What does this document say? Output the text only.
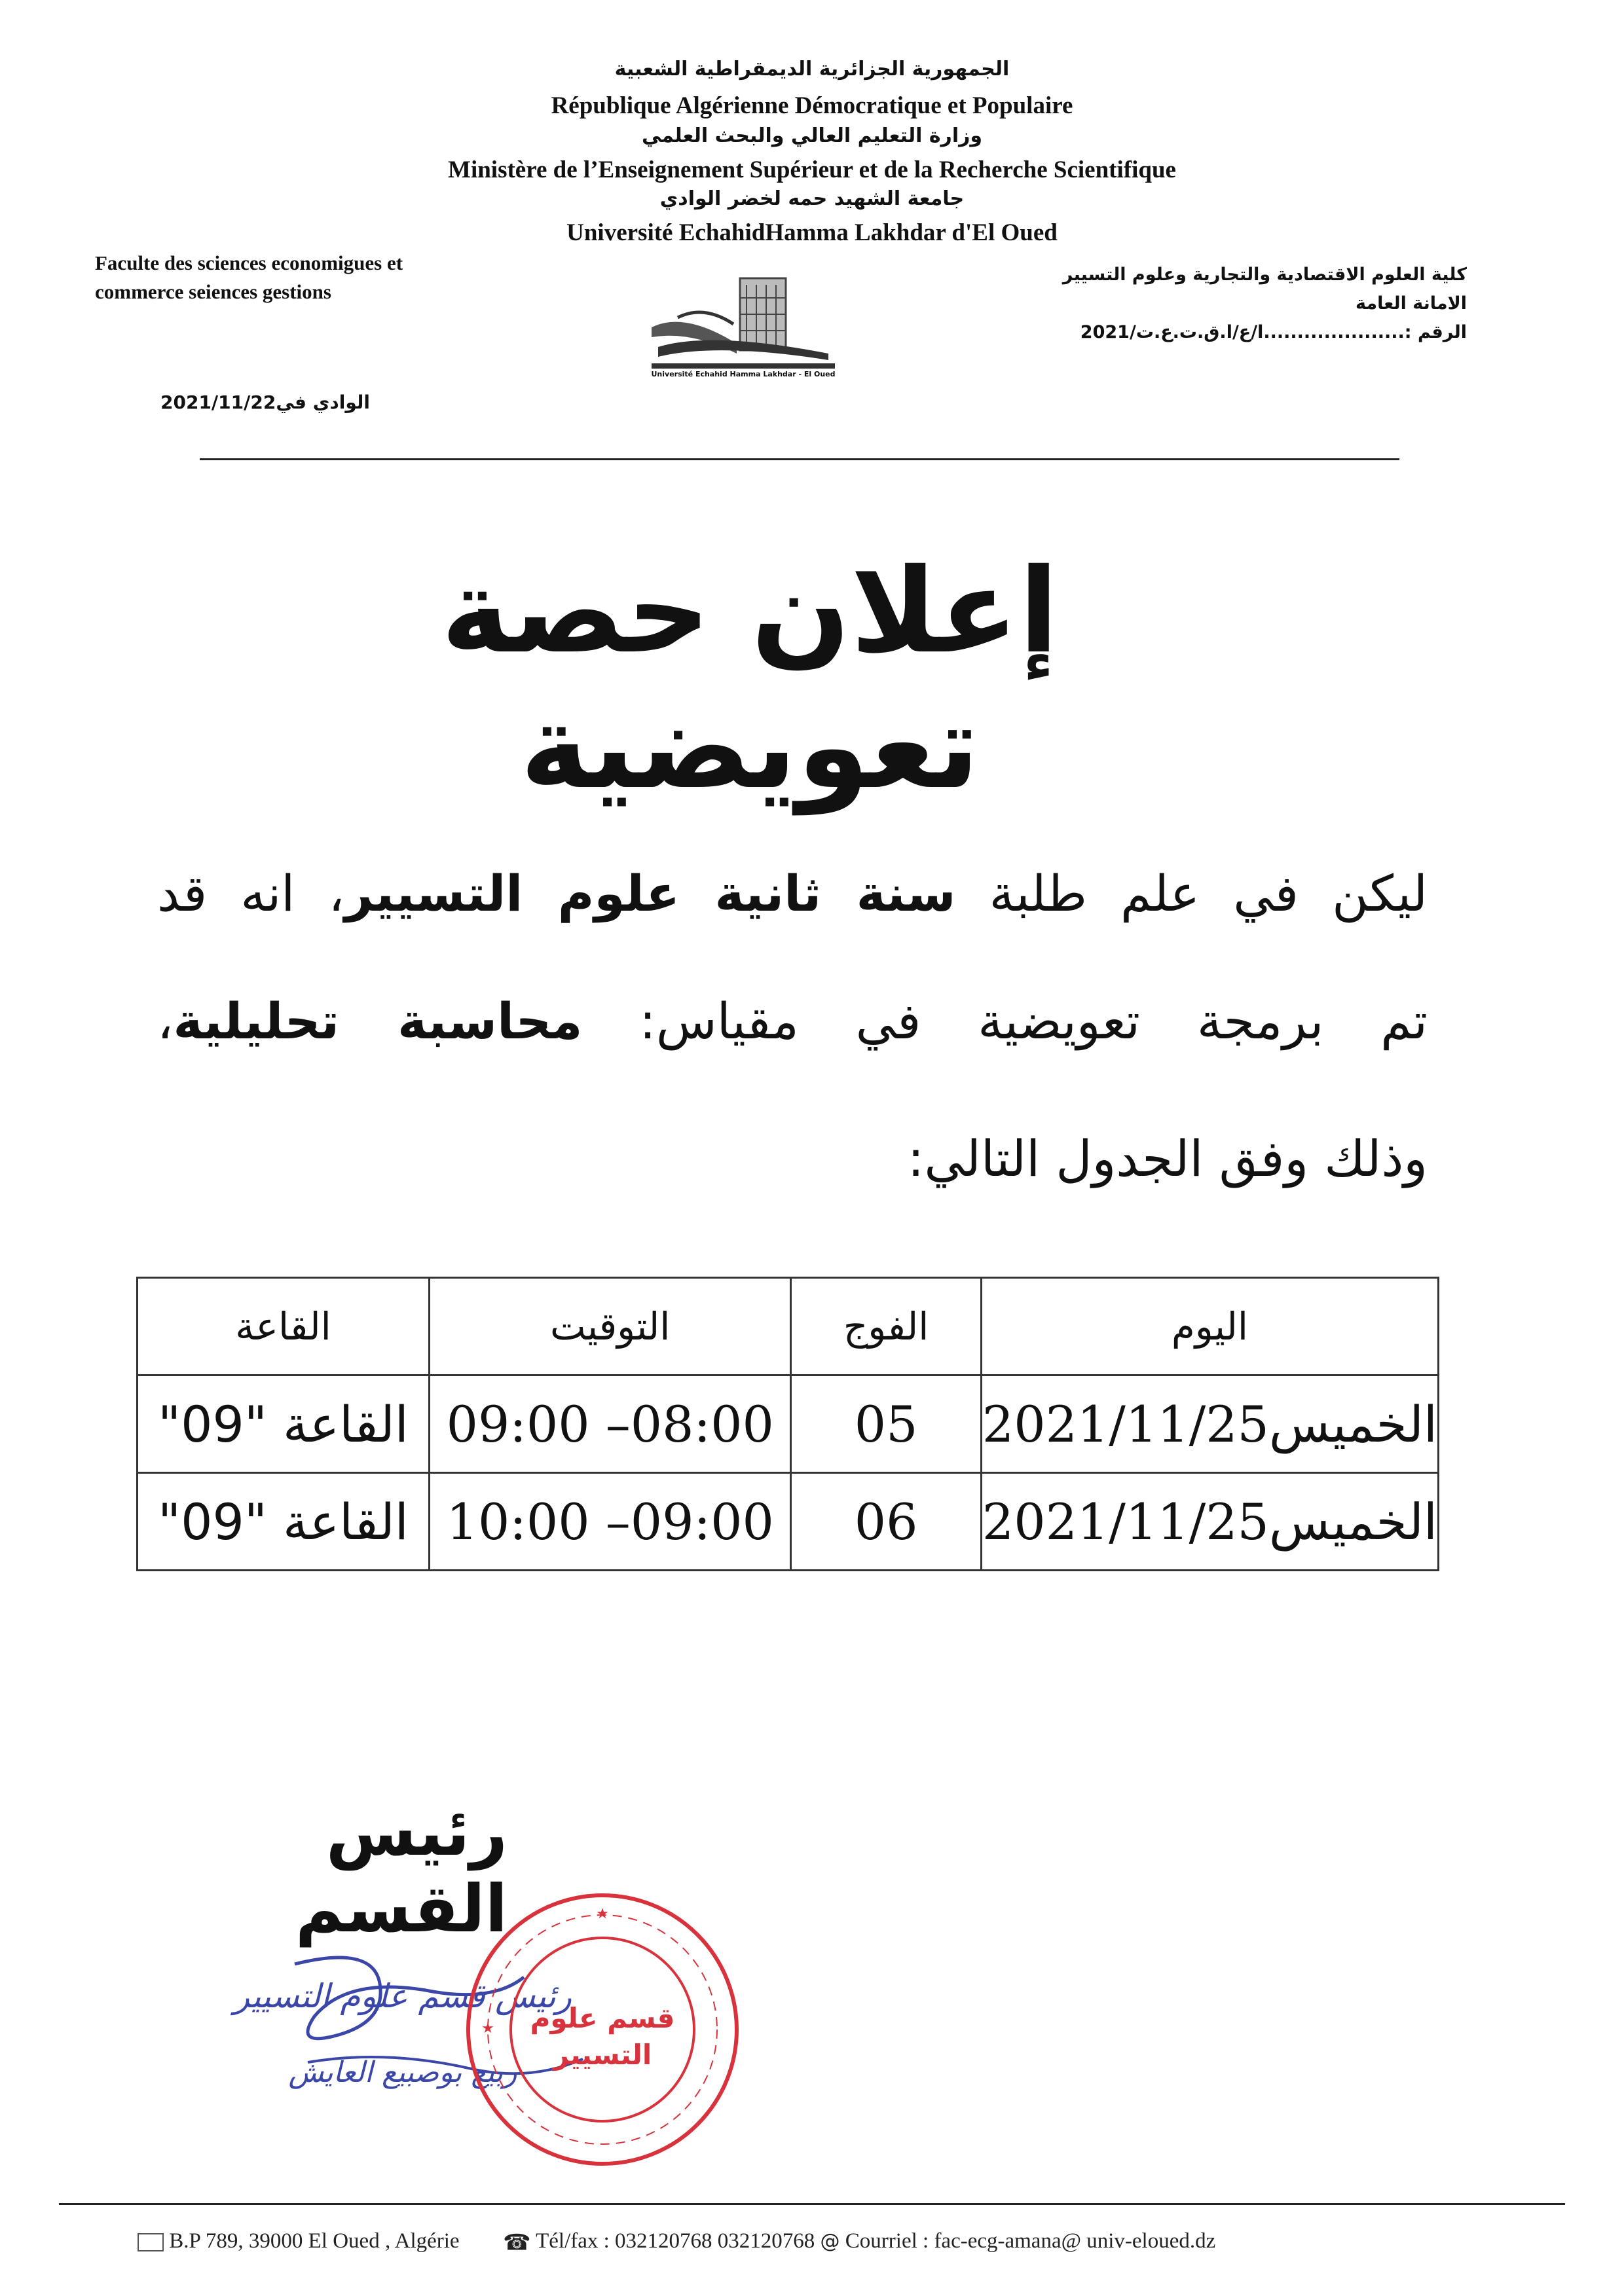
الجمهورية الجزائرية الديمقراطية الشعبية
République Algérienne Démocratique et Populaire
وزارة التعليم العالي والبحث العلمي
Ministère de l’Enseignement Supérieur et de la Recherche Scientifique
جامعة الشهيد حمه لخضر الوادي
Université EchahidHamma Lakhdar d'El Oued
Faculte des sciences economigues et
commerce seiences gestions
كلية العلوم الاقتصادية والتجارية وعلوم التسيير
الامانة العامة
الرقم :.....................ا/ع/ا.ق.ت.ع.ت/2021
Université Echahid Hamma Lakhdar - El Oued
الوادي في2021/11/22
إعلان حصة تعويضية
ليكن في علم طلبة سنة ثانية علوم التسيير، انه قد
تم برمجة تعويضية في مقياس: محاسبة تحليلية،
وذلك وفق الجدول التالي:
اليوم	الفوج	التوقيت	القاعة
الخميس2021/11/25	05	09:00 –08:00	القاعة "09"
الخميس2021/11/25	06	10:00 –09:00	القاعة "09"
رئيس القسم
رئيس قسم علوم التسيير
ربيع بوصبيع العايش
★
★	قسم علوم التسيير
B.P 789, 39000 El Oued , Algérie ☎ Tél/fax : 032120768 032120768 @ Courriel : fac-ecg-amana@ univ-eloued.dz
